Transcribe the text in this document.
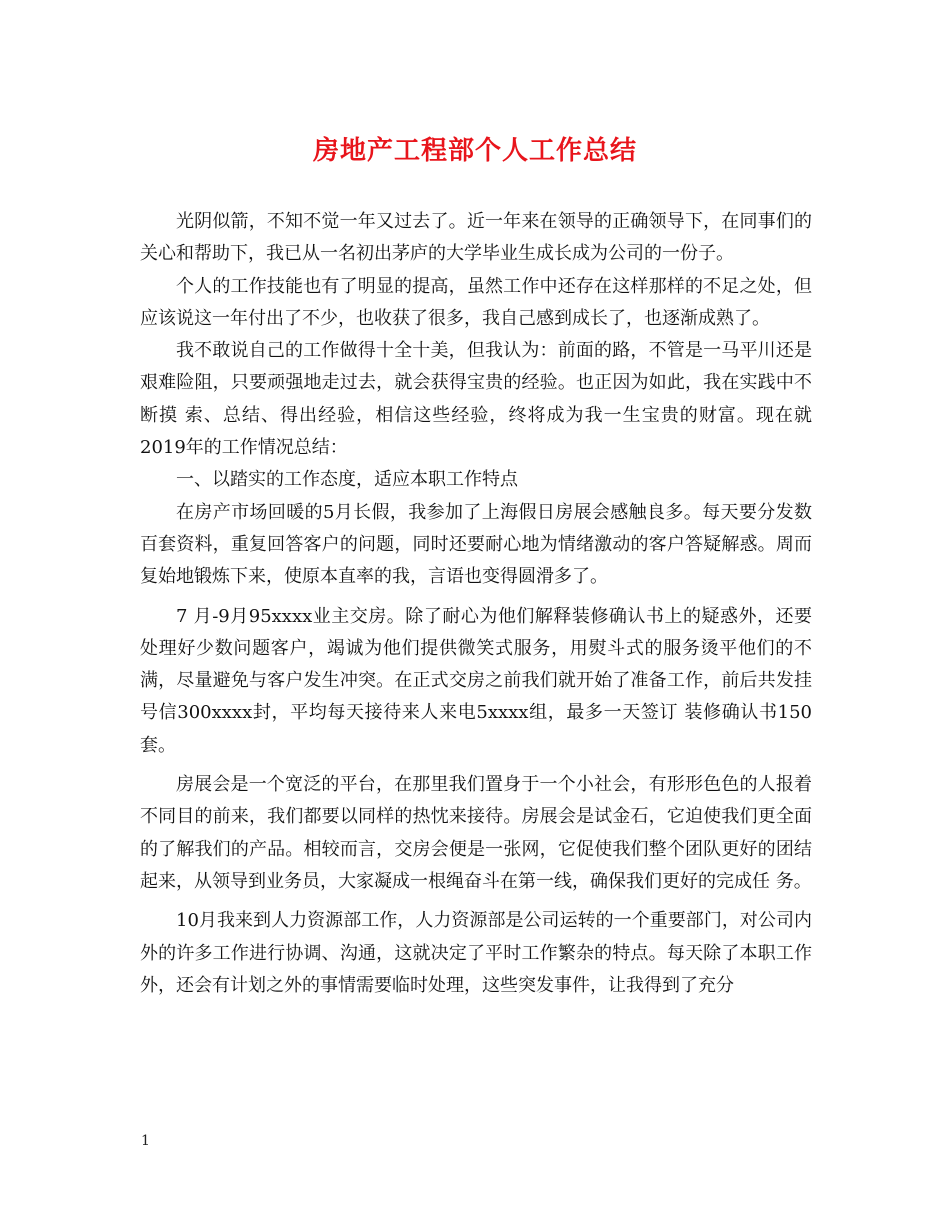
房地产工程部个人工作总结

光阴似箭，不知不觉一年又过去了。近一年来在领导的正确领导下，在同事们的关心和帮助下，我已从一名初出茅庐的大学毕业生成长成为公司的一份子。

个人的工作技能也有了明显的提高，虽然工作中还存在这样那样的不足之处，但应该说这一年付出了不少，也收获了很多，我自己感到成长了，也逐渐成熟了。

我不敢说自己的工作做得十全十美，但我认为：前面的路，不管是一马平川还是艰难险阻，只要顽强地走过去，就会获得宝贵的经验。也正因为如此，我在实践中不断摸 索、总结、得出经验，相信这些经验，终将成为我一生宝贵的财富。现在就2019年的工作情况总结：

一、以踏实的工作态度，适应本职工作特点

在房产市场回暖的5月长假，我参加了上海假日房展会感触良多。每天要分发数百套资料，重复回答客户的问题，同时还要耐心地为情绪激动的客户答疑解惑。周而复始地锻炼下来，使原本直率的我，言语也变得圆滑多了。

7 月-9月95xxxx业主交房。除了耐心为他们解释装修确认书上的疑惑外，还要处理好少数问题客户，竭诚为他们提供微笑式服务，用熨斗式的服务烫平他们的不满，尽量避免与客户发生冲突。在正式交房之前我们就开始了准备工作，前后共发挂号信300xxxx封，平均每天接待来人来电5xxxx组，最多一天签订 装修确认书150套。

房展会是一个宽泛的平台，在那里我们置身于一个小社会，有形形色色的人报着不同目的前来，我们都要以同样的热忱来接待。房展会是试金石，它迫使我们更全面 的了解我们的产品。相较而言，交房会便是一张网，它促使我们整个团队更好的团结起来，从领导到业务员，大家凝成一根绳奋斗在第一线，确保我们更好的完成任 务。

10月我来到人力资源部工作，人力资源部是公司运转的一个重要部门，对公司内外的许多工作进行协调、沟通，这就决定了平时工作繁杂的特点。每天除了本职工作外，还会有计划之外的事情需要临时处理，这些突发事件，让我得到了充分

1
